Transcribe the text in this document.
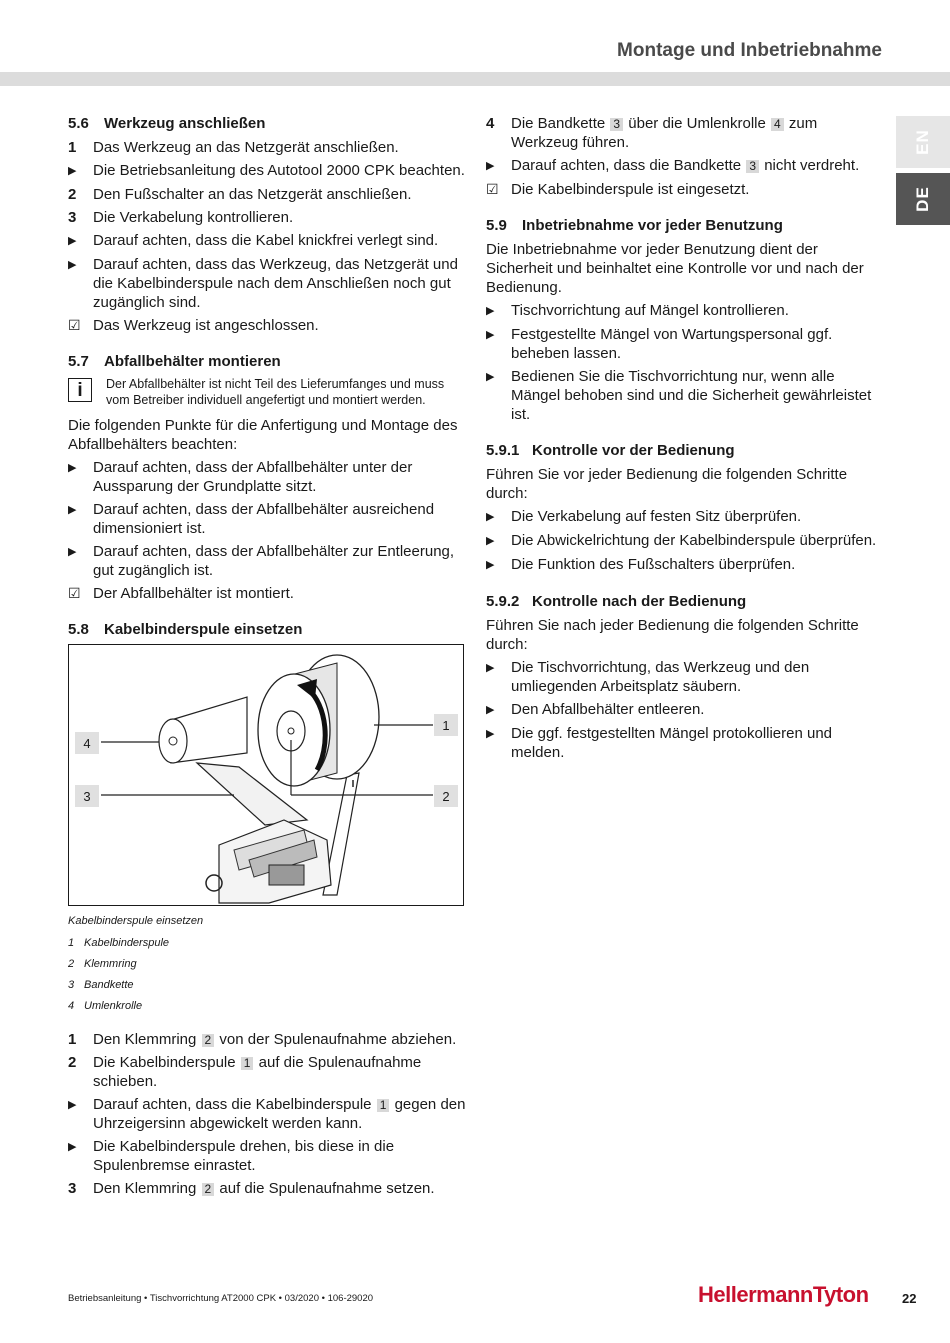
Montage und Inbetriebnahme
EN
DE
5.6 Werkzeug anschließen
1	Das Werkzeug an das Netzgerät anschließen.
▶	Die Betriebsanleitung des Autotool 2000 CPK beachten.
2	Den Fußschalter an das Netzgerät anschließen.
3	Die Verkabelung kontrollieren.
▶	Darauf achten, dass die Kabel knickfrei verlegt sind.
▶	Darauf achten, dass das Werkzeug, das Netzgerät und die Kabelbinderspule nach dem Anschließen noch gut zugänglich sind.
☑ Das Werkzeug ist angeschlossen.
5.7 Abfallbehälter montieren
i	Der Abfallbehälter ist nicht Teil des Lieferumfanges und muss vom Betreiber individuell angefertigt und montiert werden.

Die folgenden Punkte für die Anfertigung und Montage des Abfallbehälters beachten:

▶	Darauf achten, dass der Abfallbehälter unter der Aussparung der Grundplatte sitzt.
▶	Darauf achten, dass der Abfallbehälter ausreichend dimensioniert ist.
▶	Darauf achten, dass der Abfallbehälter zur Entleerung, gut zugänglich ist.
☑ Der Abfallbehälter ist montiert.
5.8 Kabelbinderspule einsetzen
4
3
1
2
Kabelbinderspule einsetzen
1 Kabelbinderspule
2 Klemmring
3 Bandkette
4 Umlenkrolle
1	Den Klemmring 2 von der Spulenaufnahme abziehen.
2	Die Kabelbinderspule 1 auf die Spulenaufnahme schieben.
▶	Darauf achten, dass die Kabelbinderspule 1 gegen den Uhrzeigersinn abgewickelt werden kann.
▶	Die Kabelbinderspule drehen, bis diese in die Spulenbremse einrastet.
3	Den Klemmring 2 auf die Spulenaufnahme setzen.
4	Die Bandkette 3 über die Umlenkrolle 4 zum Werkzeug führen.
▶	Darauf achten, dass die Bandkette 3 nicht verdreht.
☑ Die Kabelbinderspule ist eingesetzt.
5.9 Inbetriebnahme vor jeder Benutzung

Die Inbetriebnahme vor jeder Benutzung dient der Sicherheit und beinhaltet eine Kontrolle vor und nach der Bedienung.

▶	Tischvorrichtung auf Mängel kontrollieren.
▶	Festgestellte Mängel von Wartungspersonal ggf. beheben lassen.
▶	Bedienen Sie die Tischvorrichtung nur, wenn alle Mängel behoben sind und die Sicherheit gewährleistet ist.
5.9.1 Kontrolle vor der Bedienung

Führen Sie vor jeder Bedienung die folgenden Schritte durch:

▶	Die Verkabelung auf festen Sitz überprüfen.
▶	Die Abwickelrichtung der Kabelbinderspule überprüfen.
▶	Die Funktion des Fußschalters überprüfen.
5.9.2 Kontrolle nach der Bedienung

Führen Sie nach jeder Bedienung die folgenden Schritte durch:

▶	Die Tischvorrichtung, das Werkzeug und den umliegenden Arbeitsplatz säubern.
▶	Den Abfallbehälter entleeren.
▶	Die ggf. festgestellten Mängel protokollieren und melden.
Betriebsanleitung • Tischvorrichtung AT2000 CPK • 03/2020 • 106-29020	HellermannTyton	22
